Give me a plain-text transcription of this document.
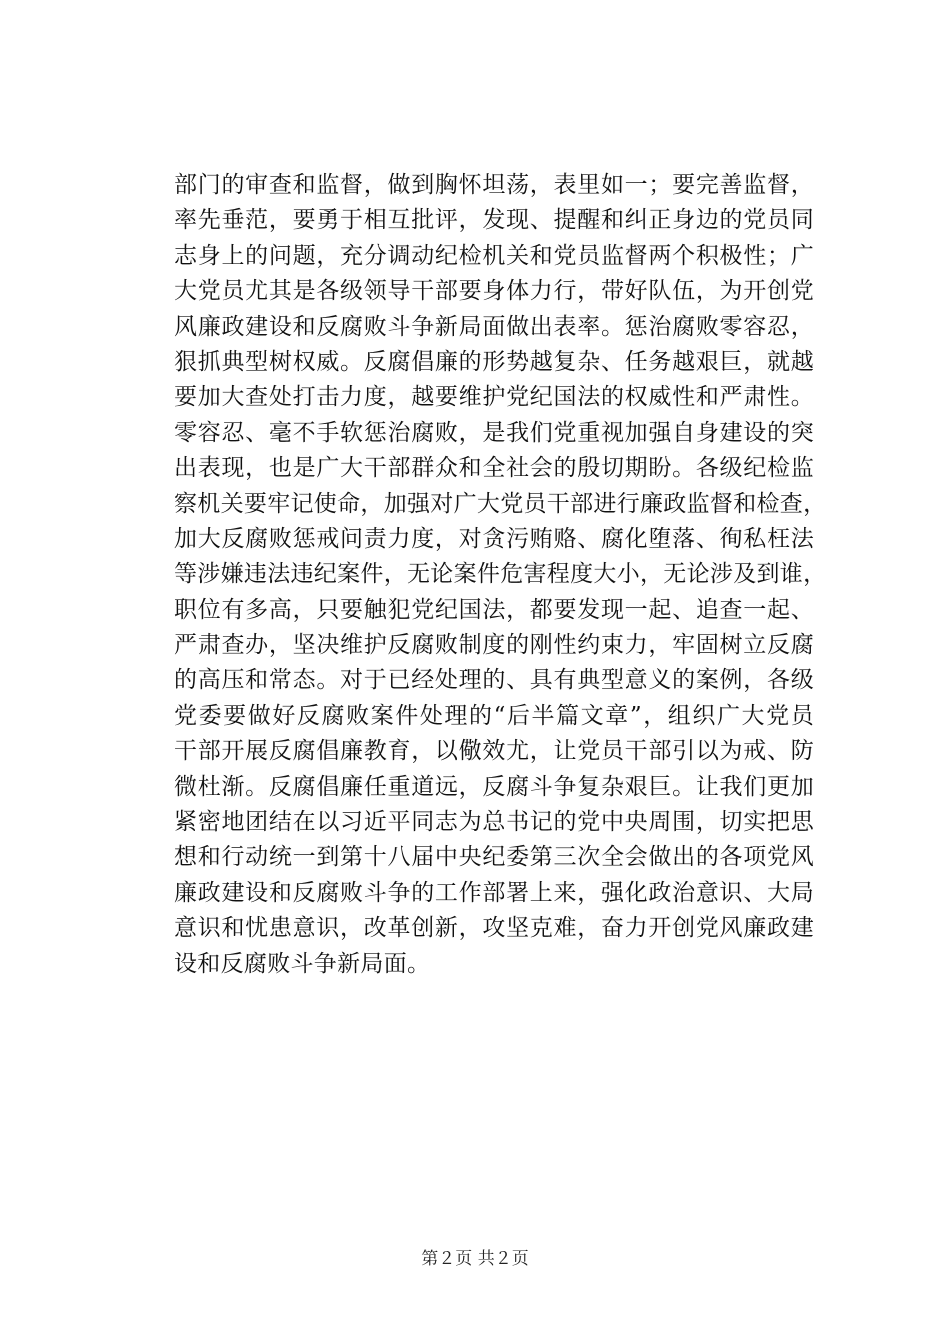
部门的审查和监督，做到胸怀坦荡，表里如一；要完善监督，
率先垂范，要勇于相互批评，发现、提醒和纠正身边的党员同
志身上的问题，充分调动纪检机关和党员监督两个积极性；广
大党员尤其是各级领导干部要身体力行，带好队伍，为开创党
风廉政建设和反腐败斗争新局面做出表率。惩治腐败零容忍，
狠抓典型树权威。反腐倡廉的形势越复杂、任务越艰巨，就越
要加大查处打击力度，越要维护党纪国法的权威性和严肃性。
零容忍、毫不手软惩治腐败，是我们党重视加强自身建设的突
出表现，也是广大干部群众和全社会的殷切期盼。各级纪检监
察机关要牢记使命，加强对广大党员干部进行廉政监督和检查，
加大反腐败惩戒问责力度，对贪污贿赂、腐化堕落、徇私枉法
等涉嫌违法违纪案件，无论案件危害程度大小，无论涉及到谁，
职位有多高，只要触犯党纪国法，都要发现一起、追查一起、
严肃查办，坚决维护反腐败制度的刚性约束力，牢固树立反腐
的高压和常态。对于已经处理的、具有典型意义的案例，各级
党委要做好反腐败案件处理的“后半篇文章”，组织广大党员
干部开展反腐倡廉教育，以儆效尤，让党员干部引以为戒、防
微杜渐。反腐倡廉任重道远，反腐斗争复杂艰巨。让我们更加
紧密地团结在以习近平同志为总书记的党中央周围，切实把思
想和行动统一到第十八届中央纪委第三次全会做出的各项党风
廉政建设和反腐败斗争的工作部署上来，强化政治意识、大局
意识和忧患意识，改革创新，攻坚克难，奋力开创党风廉政建
设和反腐败斗争新局面。
第２页 共２页
